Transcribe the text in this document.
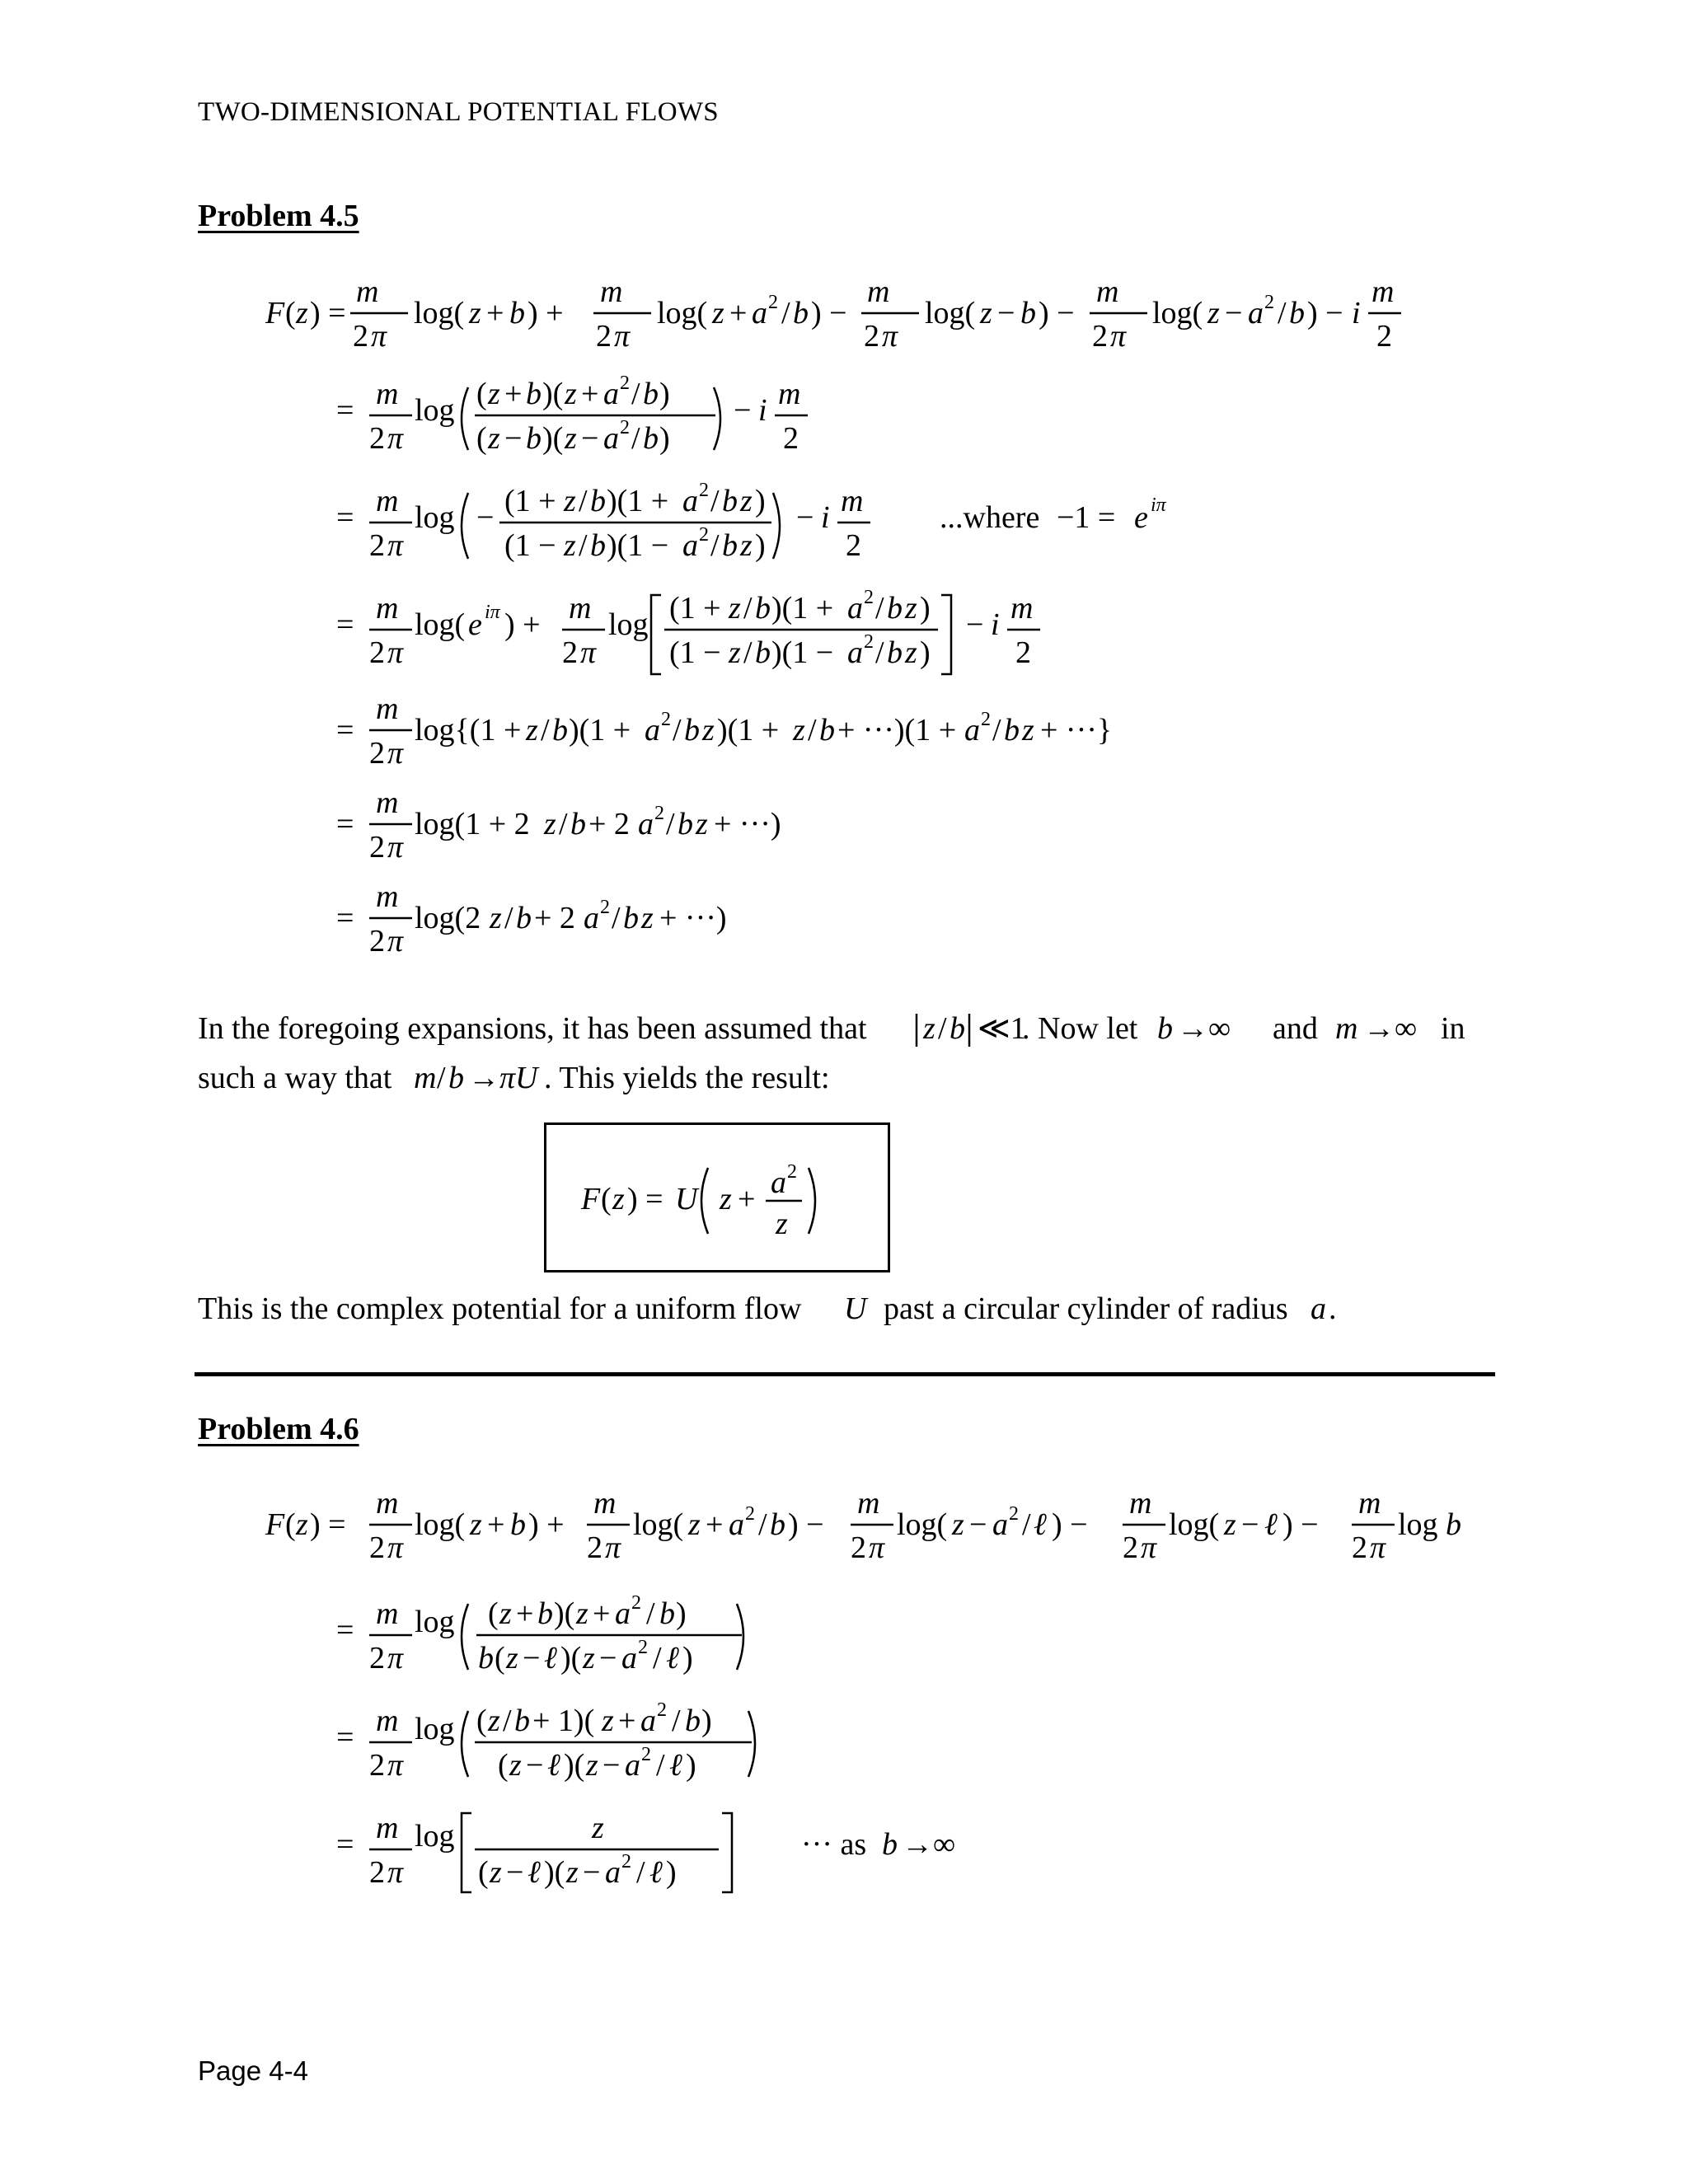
TWO-DIMENSIONAL POTENTIAL FLOWS
Problem 4.5
F ( z ) =
m
2 π
log( z + b ) +
m
2 π
log( z + a 2 / b ) −
m
2 π
log( z − b ) −
m
2 π
log( z − a 2 / b ) − i
m
2
= m
2 π
log ( z + b )( z + a 2 / b )
( z − b )( z − a 2 / b )
− i m
2
= m
2 π
log − (1 + z / b )(1 + a 2 / b z )
(1 − z / b )(1 − a 2 / b z )
− i m
2
...where −1 = e iπ
= m
2 π
log( e iπ ) + m
2 π
log (1 + z / b )(1 + a 2 / b z )
(1 − z / b )(1 − a 2 / b z )
− i m
2
=
m
2 π
log{(1 + z / b )(1 + a 2 / b z )(1 + z / b + ···)(1 + a 2 / b z + ···}
=
m
2 π
log(1 + 2 z / b + 2 a 2 / b z + ···)
=
m
2 π
log(2 z / b + 2 a 2 / b z + ···)
In the foregoing expansions, it has been assumed that z / b ≪1
. Now let b →∞ and m →∞ in
such a way that m / b → πU . This yields the result:
F ( z ) = U z + a 2
z
This is the complex potential for a uniform flow U past a circular cylinder of radius a .
Problem 4.6
F ( z ) =
m
2 π
log( z + b ) +
m
2 π
log( z + a 2 / b ) −
m
2 π
log( z − a 2 / ℓ ) −
m
2 π
log( z − ℓ ) −
m
2 π
log b
= m
2 π
log ( z + b )( z + a 2 / b )
b ( z − ℓ )( z − a 2 / ℓ )
= m
2 π
log ( z / b + 1)( z + a 2 / b )
( z − ℓ )( z − a 2 / ℓ )
= m
2 π
log	z
( z − ℓ )( z − a 2 / ℓ )
··· as b →∞
Page 4-4
